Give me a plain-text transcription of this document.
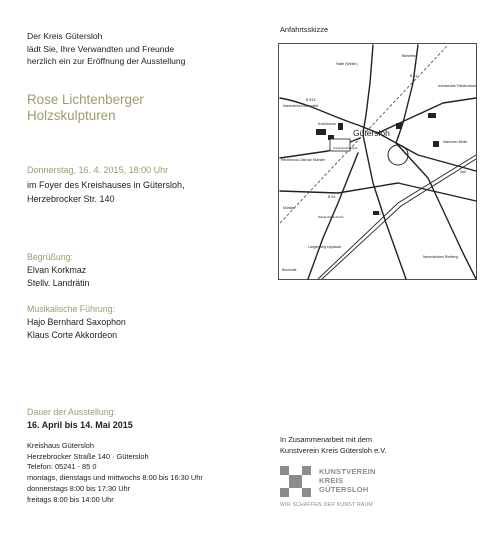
Der Kreis Gütersloh
lädt Sie, Ihre Verwandten und Freunde
herzlich ein zur Eröffnung der Ausstellung
Rose Lichtenberger
Holzskulpturen
Donnerstag, 16. 4. 2015, 18:00 Uhr
im Foyer des Kreishauses in Gütersloh,
Herzebrocker Str. 140
Begrüßung:
Elvan Korkmaz
Stellv. Landrätin
Musikalische Führung:
Hajo Bernhard Saxophon
Klaus Corte Akkordeon
Dauer der Ausstellung:
16. April bis 14. Mai 2015
Kreishaus Gütersloh
Herzebrocker Straße 140 · Gütersloh
Telefon: 05241 - 85 0
montags, dienstags und mittwochs 8:00 bis 16:30 Uhr
donnerstags 8:00 bis 17:30 Uhr
freitags 8:00 bis 14:00 Uhr
Anfahrtsskizze
Gütersloh
Bielefeld
Halle (Westf.)
Harsewinkel Marienfeld
Kreishaus
Kreispolizeibehörde
Herzebrock-Clarholz Münster
Münster
Rheda-Wiedenbrück
Langenberg Lippstadt
Bornholte
Neuenkirchen Rietberg
Verl
Hannover Berlin
Avenwedde Friedrichsdorf
B 61
B 513
B 55
A 2
In Zusammenarbeit mit dem
Kunstverein Kreis Gütersloh e.V.
KUNSTVEREIN
KREIS
GÜTERSLOH
WIR SCHAFFEN DER KUNST RAUM
